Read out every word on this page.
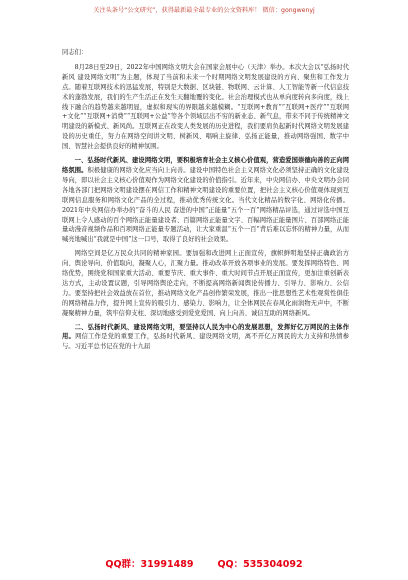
关注头条号“公文研究”，获得最新最全最专业的公文资料库！ 微信：gongwenyj

同志们：

8月28日至29日，2022年中国网络文明大会在国家会展中心（天津）举办。本次大会以“弘扬时代新风 建设网络文明”为主题，体现了当前和未来一个时期网络文明发展建设的方向、聚焦和工作发力点。随着互联网技术的迅猛发展，特别是大数据、区块链、物联网、云计算、人工智能等新一代信息技术的蓬勃发展，我们的生产生活正在发生天翻地覆的变化。社会治理模式也从单向度转向多向度，线上线下融合的趋势越来越明显，虚拟和现实的界限越来越模糊。“互联网+教育”“互联网+医疗”“互联网+文化”“互联网+消费”“互联网+公益”等各个领域层出不穷的新业态、新气息，带来不同于传统精神文明建设的新模式、新风尚。互联网正在改变人类发展的历史进程，我们要肩负起新时代网络文明发展建设的历史重任，努力在网络空间讲文明、树新风、唱响主旋律、弘扬正能量，推动网络强国、数字中国、智慧社会提供良好的精神氛围。

一、弘扬时代新风、建设网络文明，要积极培育社会主义核心价值观，营造爱国崇德向善的正向网络氛围。积极健康的网络文化应当向上向善。建设中国特色社会主义网络文化必须坚持正确的文化建设导向，即以社会主义核心价值观作为网络文化建设的价值指引。近年来，中央网信办、中央文明办会同各地各部门把网络文明建设摆在网信工作和精神文明建设的重要位置，把社会主义核心价值观体现到互联网信息服务和网络文化产品的全过程，推动优秀传统文化。当代文化精品的数字化、网络化传播。2021年中央网信办举办的“奋斗的人民 奋进的中国”正能量“五个一百”网络精品评选，通过评选中国互联网上令人感动的百个网络正能量建设者、百篇网络正能量文字、百幅网络正能量图片、百部网络正能量动漫音视频作品和百项网络正能量专题活动，让大家重温“五个一百”背后难以忘怀的精神力量，从而喊亮地喊出“我就是中国”这一口号，取得了良好的社会效果。

网络空间是亿万民众共同的精神家园。要加强和改进网上正面宣传，旗帜鲜明地坚持正确政治方向、舆论导向、价值取向，凝聚人心，汇聚力量。推动改革开放各项事业的发展。要发挥网络特色、网络优势，围绕党和国家重大活动、重要节庆、重大事件、重大时间节点开展正面宣传，更加注重创新表达方式，主动设置议题，引导网络舆论走向，不断提高网络新闻舆论传播力、引导力、影响力、公信力。要坚持把社会效益放在首位，推动网络文化产品创作繁荣发展，推出一批思想性艺术性观赏性俱佳的网络精品力作，提升网上宣传的吸引力、感染力、影响力，让全体网民在春风化雨润物无声中，不断凝聚精神力量，筑牢信仰支柱、深切地感受到爱党爱国、向上向善、诚信互助的网络新风。

二、弘扬时代新风、建设网络文明，要坚持以人民为中心的发展思想，发挥好亿万网民的主体作用。网信工作是党的重要工作，弘扬时代新风、建设网络文明，离不开亿万网民的大力支持和热情参与。习近平总书记在党的十九届

QQ群：31991489	QQ：535304092
